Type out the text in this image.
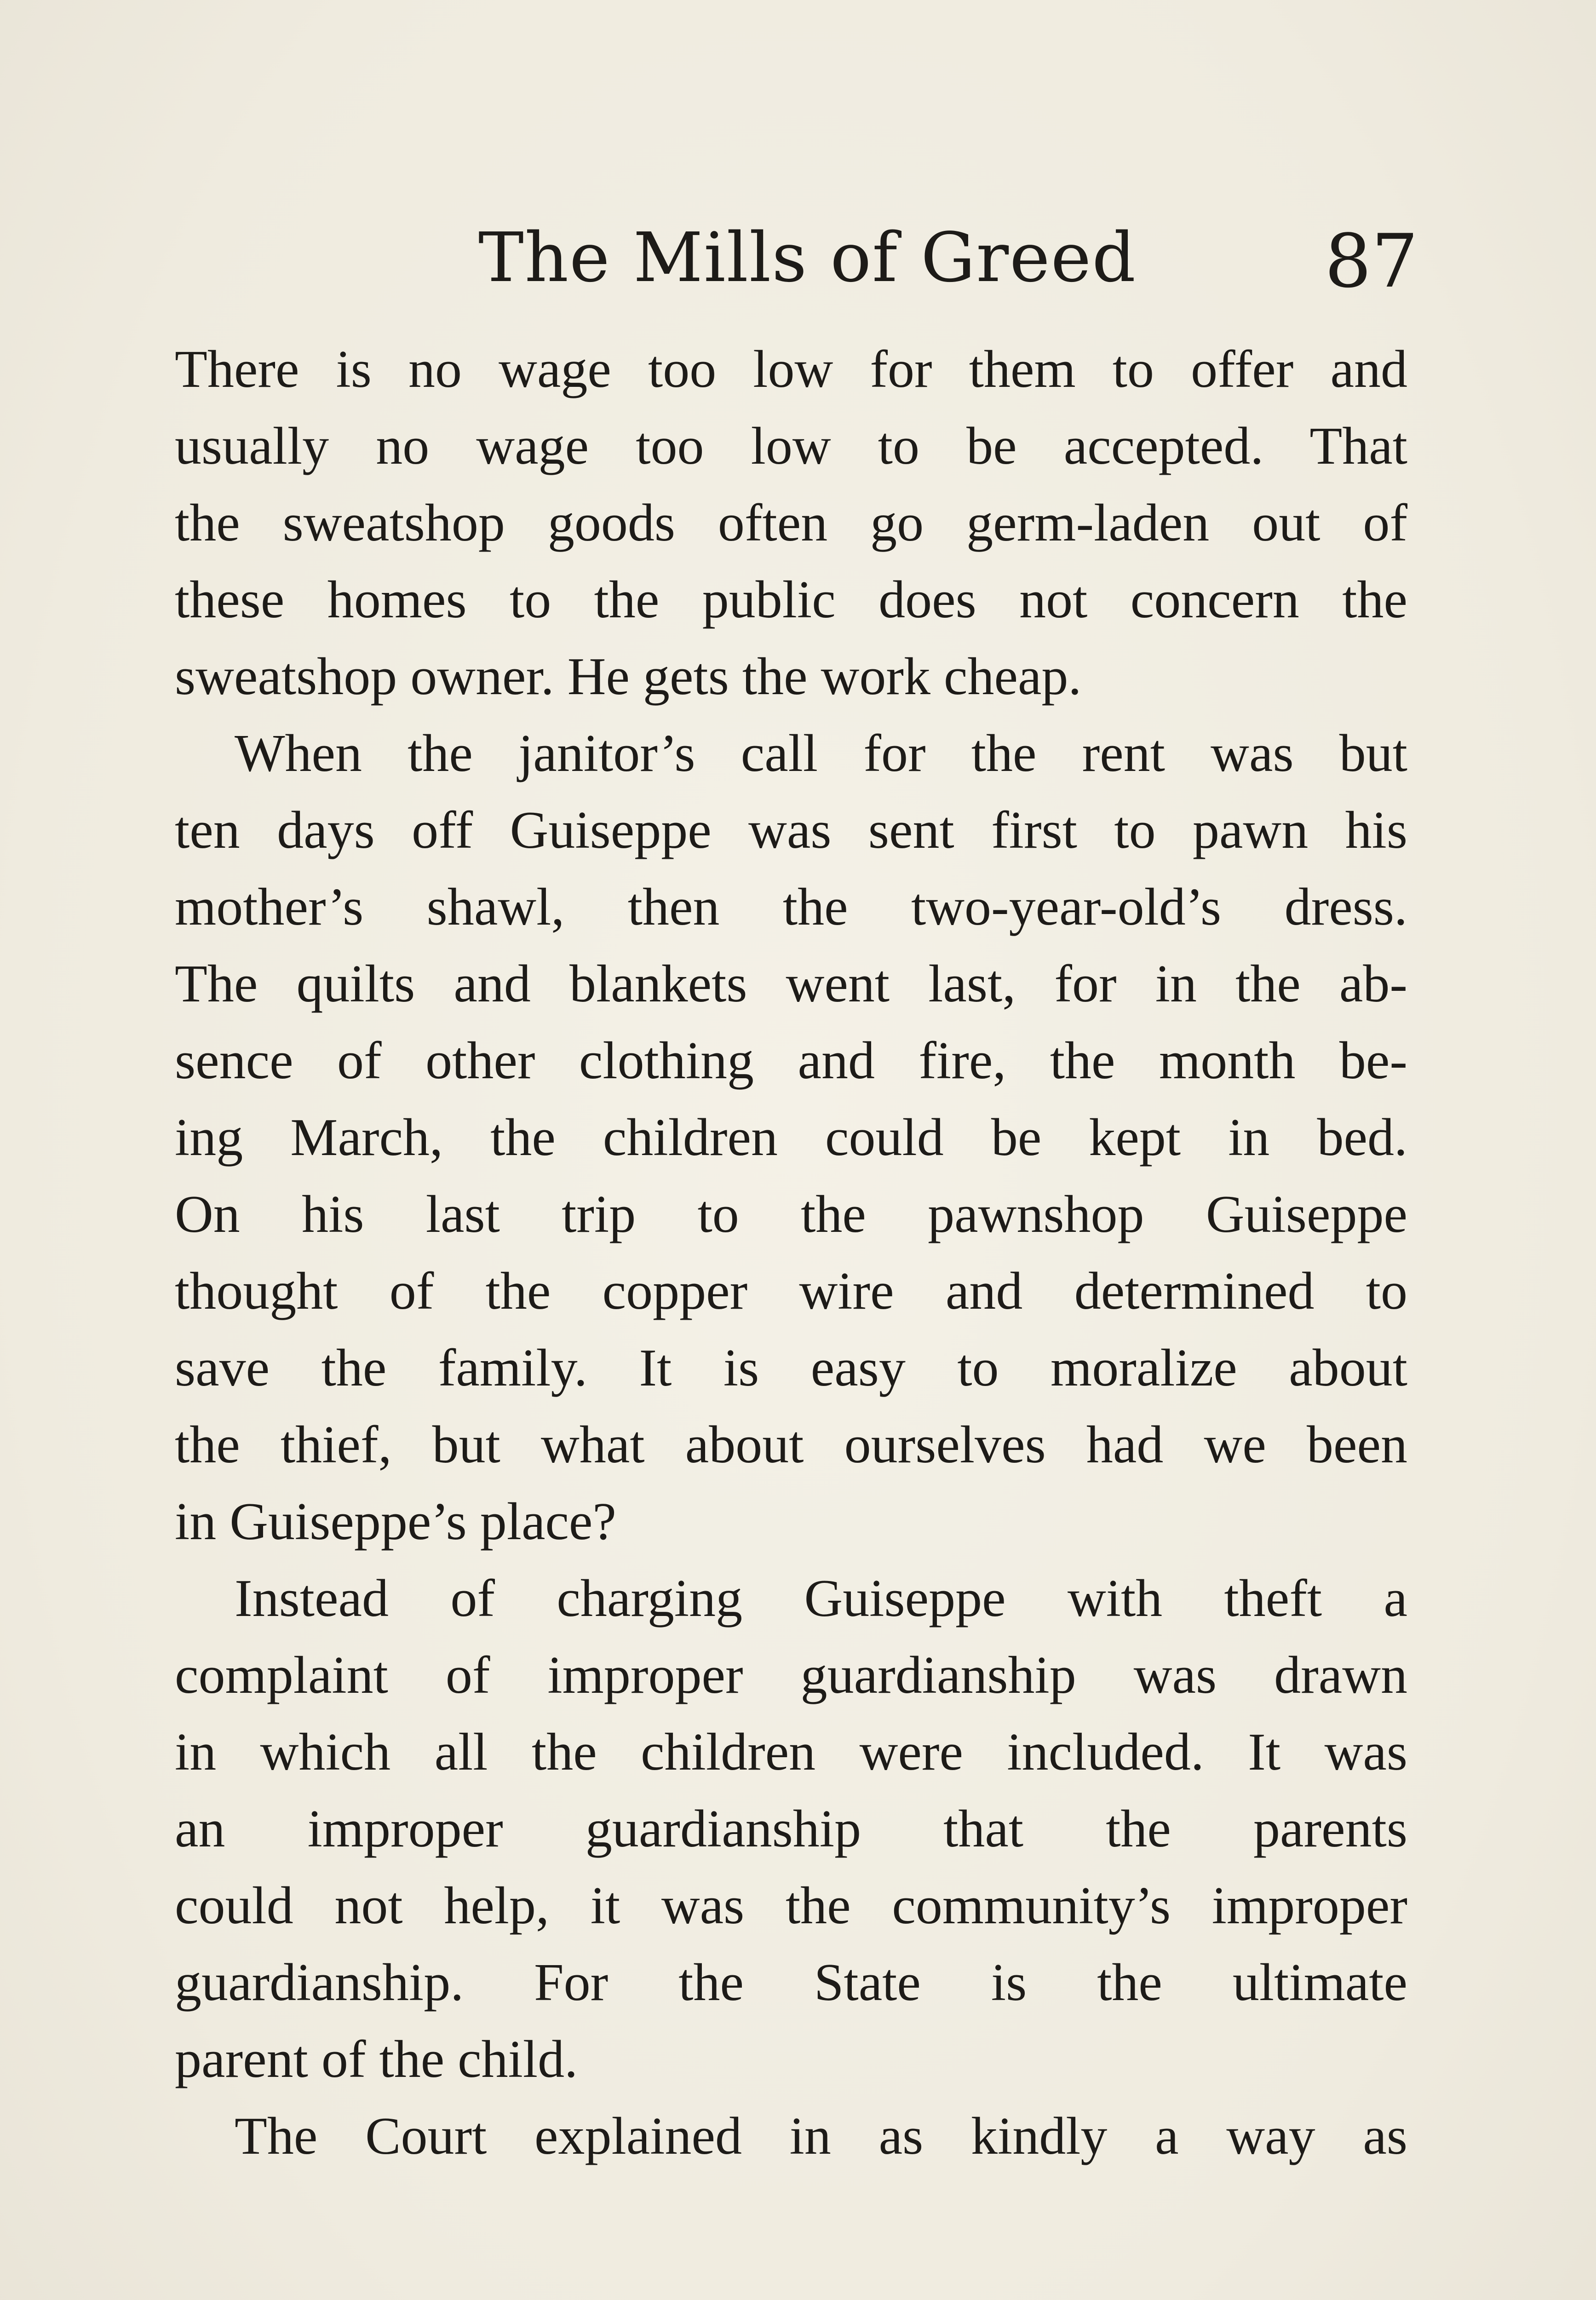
The Mills of Greed	87
There is no wage too low for them to offer and
usually no wage too low to be accepted. That
the sweatshop goods often go germ-laden out of
these homes to the public does not concern the
sweatshop owner. He gets the work cheap.
When the janitor’s call for the rent was but
ten days off Guiseppe was sent first to pawn his
mother’s shawl, then the two-year-old’s dress.
The quilts and blankets went last, for in the ab-
sence of other clothing and fire, the month be-
ing March, the children could be kept in bed.
On his last trip to the pawnshop Guiseppe
thought of the copper wire and determined to
save the family. It is easy to moralize about
the thief, but what about ourselves had we been
in Guiseppe’s place?
Instead of charging Guiseppe with theft a
complaint of improper guardianship was drawn
in which all the children were included. It was
an improper guardianship that the parents
could not help, it was the community’s improper
guardianship. For the State is the ultimate
parent of the child.
The Court explained in as kindly a way as
